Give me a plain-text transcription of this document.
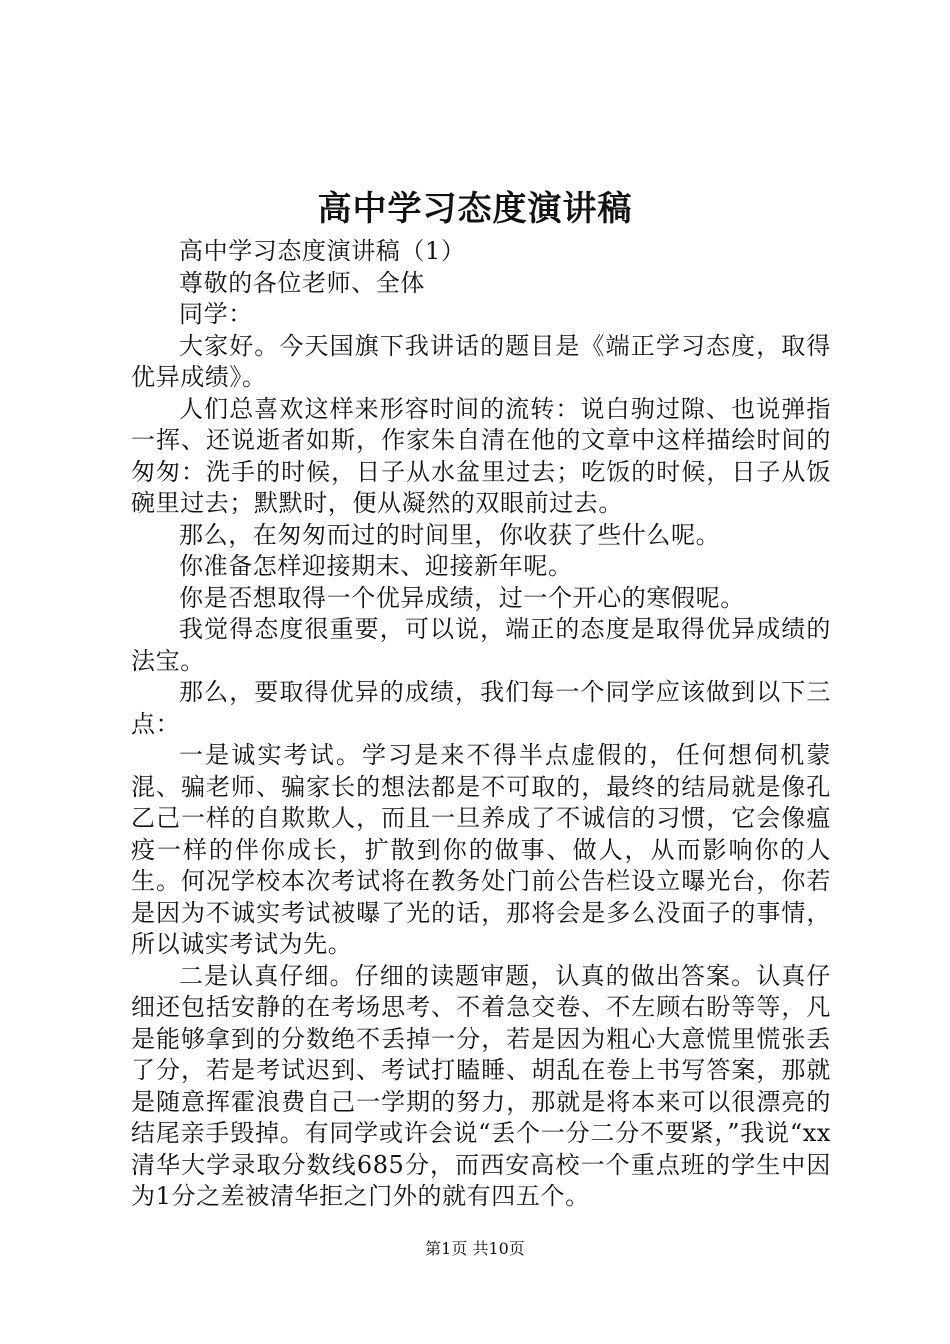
高中学习态度演讲稿

高中学习态度演讲稿（1）

尊敬的各位老师、全体

同学：

大家好。今天国旗下我讲话的题目是《端正学习态度，取得优异成绩》。

人们总喜欢这样来形容时间的流转：说白驹过隙、也说弹指一挥、还说逝者如斯，作家朱自清在他的文章中这样描绘时间的匆匆：洗手的时候，日子从水盆里过去；吃饭的时候，日子从饭碗里过去；默默时，便从凝然的双眼前过去。

那么，在匆匆而过的时间里，你收获了些什么呢。

你准备怎样迎接期末、迎接新年呢。

你是否想取得一个优异成绩，过一个开心的寒假呢。

我觉得态度很重要，可以说，端正的态度是取得优异成绩的法宝。

那么，要取得优异的成绩，我们每一个同学应该做到以下三点：

一是诚实考试。学习是来不得半点虚假的，任何想伺机蒙混、骗老师、骗家长的想法都是不可取的，最终的结局就是像孔乙己一样的自欺欺人，而且一旦养成了不诚信的习惯，它会像瘟疫一样的伴你成长，扩散到你的做事、做人，从而影响你的人生。何况学校本次考试将在教务处门前公告栏设立曝光台，你若是因为不诚实考试被曝了光的话，那将会是多么没面子的事情，所以诚实考试为先。

二是认真仔细。仔细的读题审题，认真的做出答案。认真仔细还包括安静的在考场思考、不着急交卷、不左顾右盼等等，凡是能够拿到的分数绝不丢掉一分，若是因为粗心大意慌里慌张丢了分，若是考试迟到、考试打瞌睡、胡乱在卷上书写答案，那就是随意挥霍浪费自己一学期的努力，那就是将本来可以很漂亮的结尾亲手毁掉。有同学或许会说“丢个一分二分不要紧，”我说“xx清华大学录取分数线685分，而西安高校一个重点班的学生中因为1分之差被清华拒之门外的就有四五个。

第1页 共10页
